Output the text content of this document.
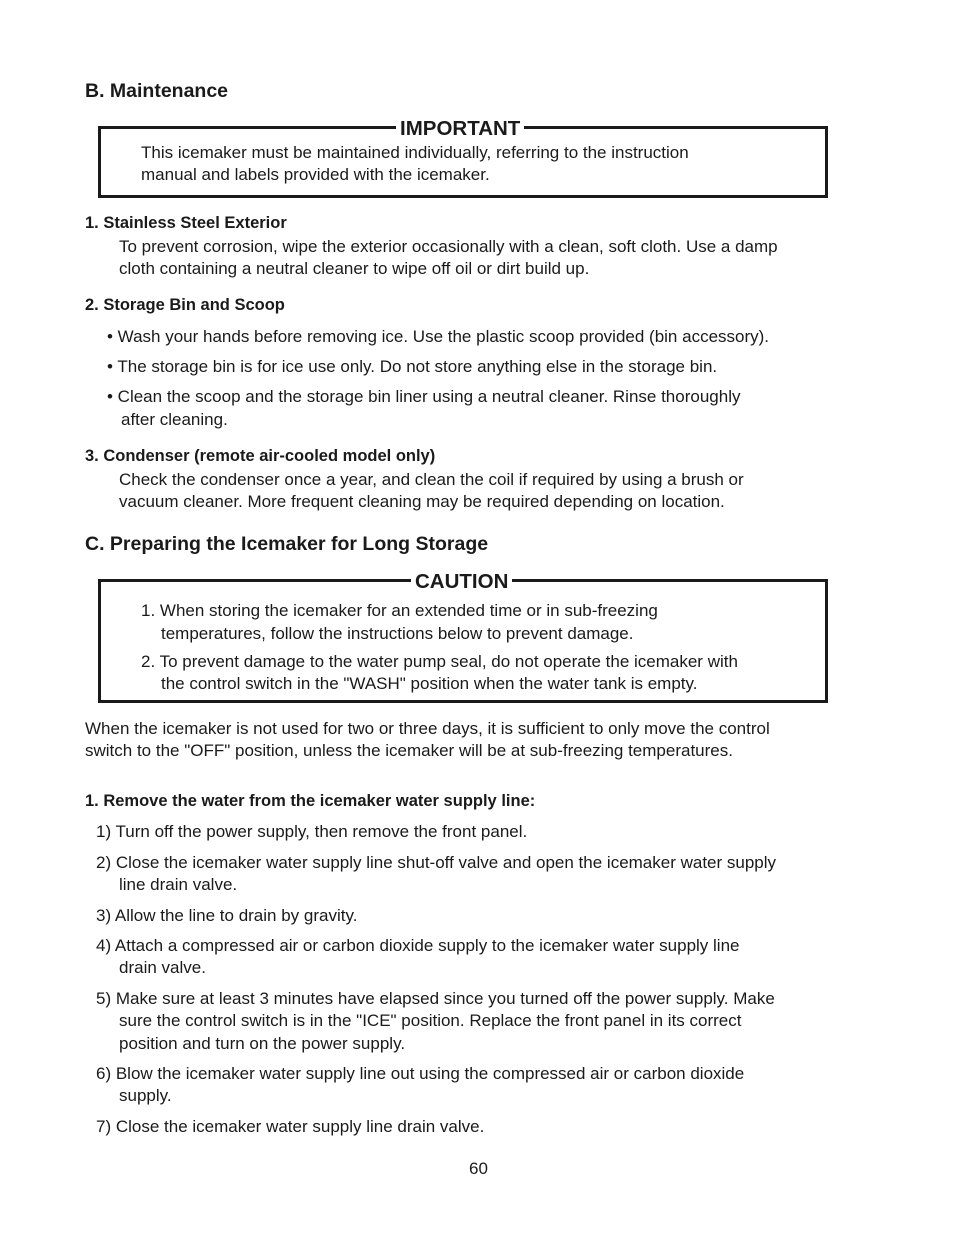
B. Maintenance
IMPORTANT
This icemaker must be maintained individually, referring to the instruction
manual and labels provided with the icemaker.
1. Stainless Steel Exterior
To prevent corrosion, wipe the exterior occasionally with a clean, soft cloth. Use a damp
cloth containing a neutral cleaner to wipe off oil or dirt build up.
2. Storage Bin and Scoop
• Wash your hands before removing ice. Use the plastic scoop provided (bin accessory).
• The storage bin is for ice use only. Do not store anything else in the storage bin.
• Clean the scoop and the storage bin liner using a neutral cleaner. Rinse thoroughly
after cleaning.
3. Condenser (remote air-cooled model only)
Check the condenser once a year, and clean the coil if required by using a brush or
vacuum cleaner. More frequent cleaning may be required depending on location.
C. Preparing the Icemaker for Long Storage
CAUTION
1. When storing the icemaker for an extended time or in sub-freezing
temperatures, follow the instructions below to prevent damage.
2. To prevent damage to the water pump seal, do not operate the icemaker with
the control switch in the "WASH" position when the water tank is empty.
When the icemaker is not used for two or three days, it is sufficient to only move the control
switch to the "OFF" position, unless the icemaker will be at sub-freezing temperatures.
1. Remove the water from the icemaker water supply line:
1) Turn off the power supply, then remove the front panel.
2) Close the icemaker water supply line shut-off valve and open the icemaker water supply
line drain valve.
3) Allow the line to drain by gravity.
4) Attach a compressed air or carbon dioxide supply to the icemaker water supply line
drain valve.
5) Make sure at least 3 minutes have elapsed since you turned off the power supply. Make
sure the control switch is in the "ICE" position. Replace the front panel in its correct
position and turn on the power supply.
6) Blow the icemaker water supply line out using the compressed air or carbon dioxide
supply.
7) Close the icemaker water supply line drain valve.
60
